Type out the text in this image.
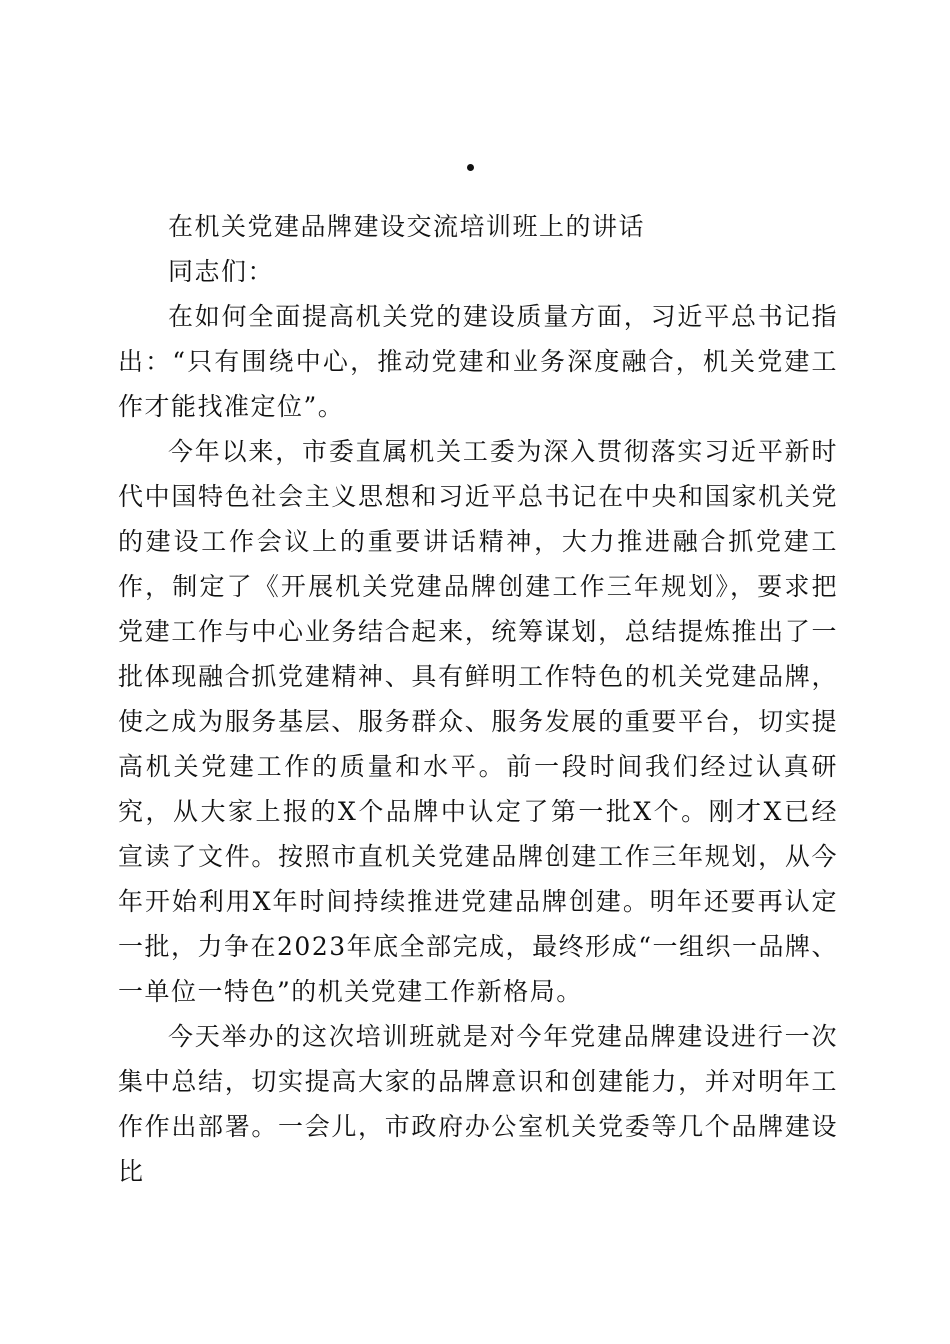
在机关党建品牌建设交流培训班上的讲话

同志们：

在如何全面提高机关党的建设质量方面，习近平总书记指出：“只有围绕中心，推动党建和业务深度融合，机关党建工作才能找准定位”。

今年以来，市委直属机关工委为深入贯彻落实习近平新时代中国特色社会主义思想和习近平总书记在中央和国家机关党的建设工作会议上的重要讲话精神，大力推进融合抓党建工作，制定了《开展机关党建品牌创建工作三年规划》，要求把党建工作与中心业务结合起来，统筹谋划，总结提炼推出了一批体现融合抓党建精神、具有鲜明工作特色的机关党建品牌，使之成为服务基层、服务群众、服务发展的重要平台，切实提高机关党建工作的质量和水平。前一段时间我们经过认真研究，从大家上报的X个品牌中认定了第一批X个。刚才X已经宣读了文件。按照市直机关党建品牌创建工作三年规划，从今年开始利用X年时间持续推进党建品牌创建。明年还要再认定一批，力争在2023年底全部完成，最终形成“一组织一品牌、一单位一特色”的机关党建工作新格局。

今天举办的这次培训班就是对今年党建品牌建设进行一次集中总结，切实提高大家的品牌意识和创建能力，并对明年工作作出部署。一会儿，市政府办公室机关党委等几个品牌建设比
